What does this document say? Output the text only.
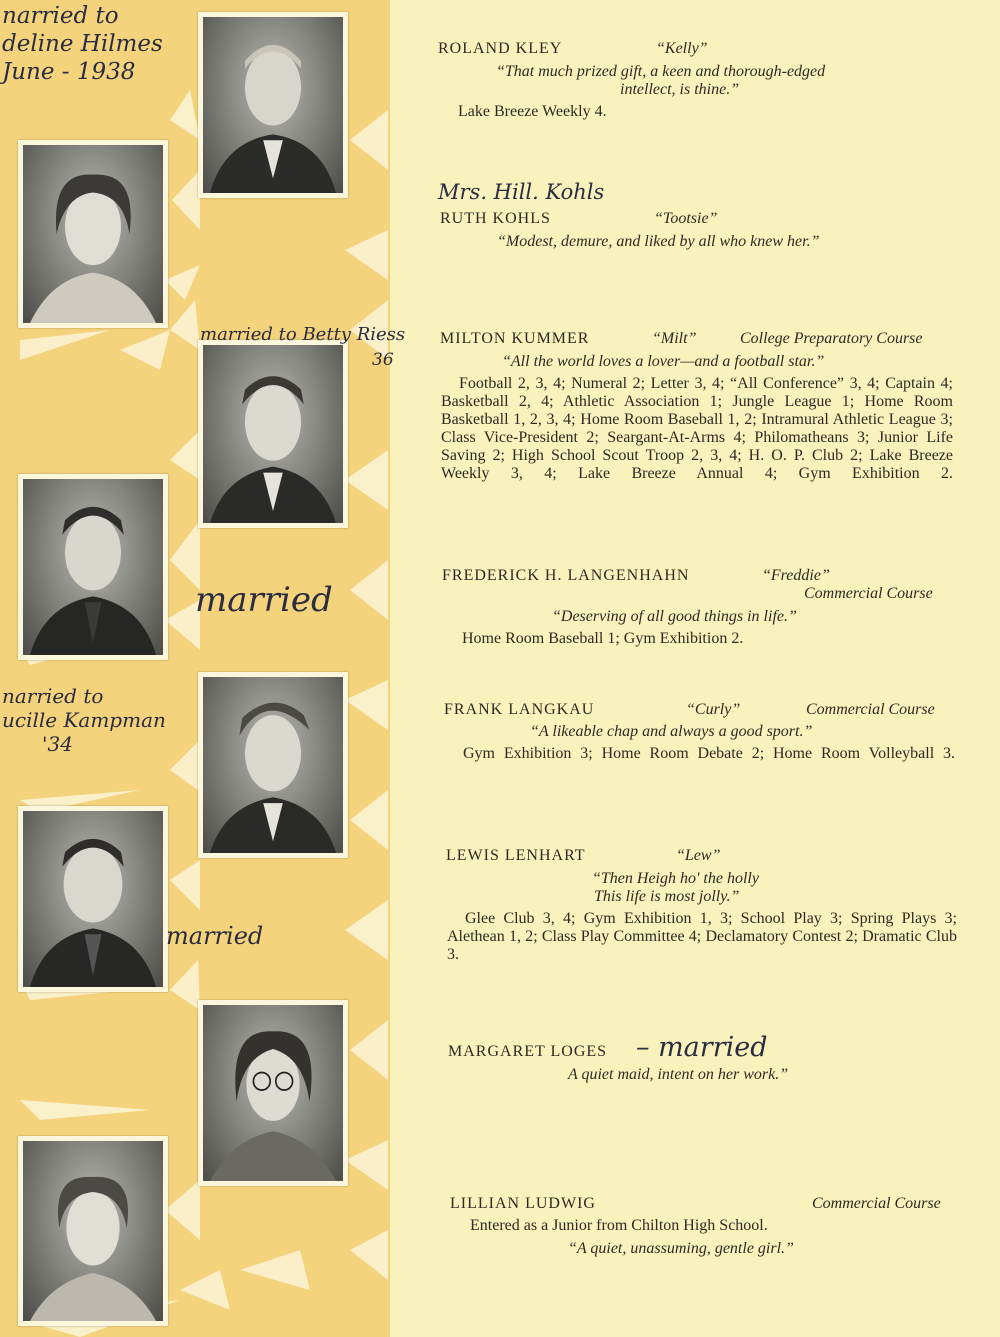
narried to
deline Hilmes
June - 1938
Mrs. Hill. Kohls
married to Betty Riess
36
married
narried to
ucille Kampman
'34
married
– married
ROLAND KLEY	“Kelly”
“That much prized gift, a keen and thorough-edged
intellect, is thine.”
Lake Breeze Weekly 4.
RUTH KOHLS	“Tootsie”
“Modest, demure, and liked by all who knew her.”
MILTON KUMMER	“Milt”	College Preparatory Course
“All the world loves a lover—and a football star.”
Football 2, 3, 4; Numeral 2; Letter 3, 4; “All Conference” 3, 4; Captain 4; Basketball 2, 4; Athletic Association 1; Jungle League 1; Home Room Basketball 1, 2, 3, 4; Home Room Baseball 1, 2; Intramural Athletic League 3; Class Vice-President 2; Seargant-At-Arms 4; Philomatheans 3; Junior Life Saving 2; High School Scout Troop 2, 3, 4; H. O. P. Club 2; Lake Breeze Weekly 3, 4; Lake Breeze Annual 4; Gym Exhibition 2.
FREDERICK H. LANGENHAHN	“Freddie”
Commercial Course
“Deserving of all good things in life.”
Home Room Baseball 1; Gym Exhibition 2.
FRANK LANGKAU	“Curly”	Commercial Course
“A likeable chap and always a good sport.”
Gym Exhibition 3; Home Room Debate 2; Home Room Volleyball 3.
LEWIS LENHART	“Lew”
“Then Heigh ho' the holly
This life is most jolly.”
Glee Club 3, 4; Gym Exhibition 1, 3; School Play 3; Spring Plays 3; Alethean 1, 2; Class Play Committee 4; Declamatory Contest 2; Dramatic Club 3.
MARGARET LOGES
A quiet maid, intent on her work.”
LILLIAN LUDWIG	Commercial Course
Entered as a Junior from Chilton High School.
“A quiet, unassuming, gentle girl.”
